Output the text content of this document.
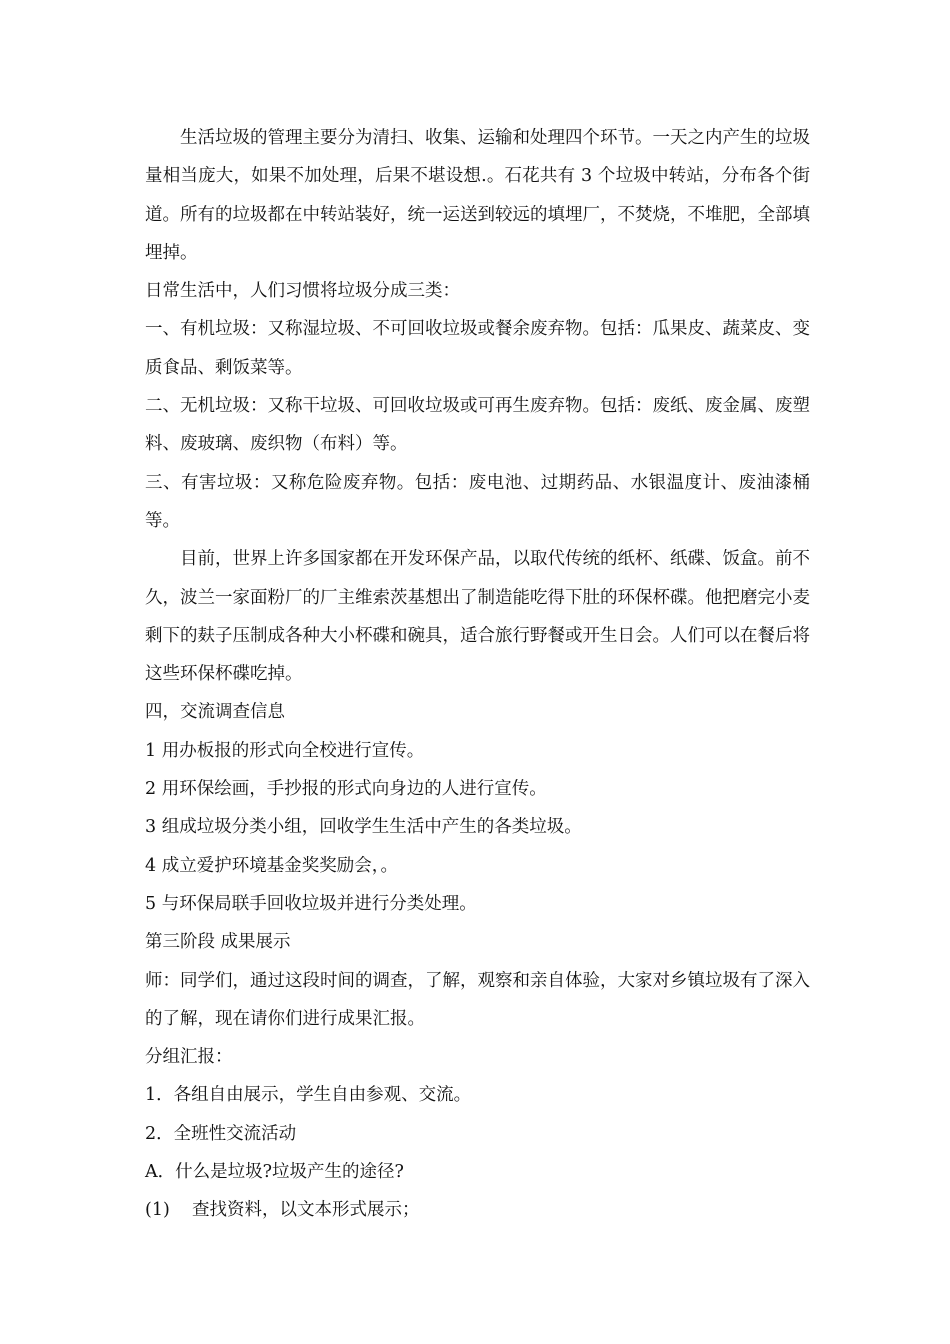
生活垃圾的管理主要分为清扫、收集、运输和处理四个环节。一天之内产生的垃圾量相当庞大，如果不加处理，后果不堪设想.。石花共有 3 个垃圾中转站，分布各个街道。所有的垃圾都在中转站装好，统一运送到较远的填埋厂，不焚烧，不堆肥，全部填埋掉。

日常生活中，人们习惯将垃圾分成三类：

一、有机垃圾：又称湿垃圾、不可回收垃圾或餐余废弃物。包括：瓜果皮、蔬菜皮、变质食品、剩饭菜等。

二、无机垃圾：又称干垃圾、可回收垃圾或可再生废弃物。包括：废纸、废金属、废塑料、废玻璃、废织物（布料）等。

三、有害垃圾：又称危险废弃物。包括：废电池、过期药品、水银温度计、废油漆桶等。

目前，世界上许多国家都在开发环保产品，以取代传统的纸杯、纸碟、饭盒。前不久，波兰一家面粉厂的厂主维索茨基想出了制造能吃得下肚的环保杯碟。他把磨完小麦剩下的麸子压制成各种大小杯碟和碗具，适合旅行野餐或开生日会。人们可以在餐后将这些环保杯碟吃掉。

四，交流调查信息

1 用办板报的形式向全校进行宣传。

2 用环保绘画，手抄报的形式向身边的人进行宣传。

3 组成垃圾分类小组，回收学生生活中产生的各类垃圾。

4 成立爱护环境基金奖奖励会，。

5 与环保局联手回收垃圾并进行分类处理。

第三阶段 成果展示

师：同学们，通过这段时间的调查，了解，观察和亲自体验，大家对乡镇垃圾有了深入的了解，现在请你们进行成果汇报。

分组汇报：

1．各组自由展示，学生自由参观、交流。

2．全班性交流活动

A．什么是垃圾?垃圾产生的途径?

(1)    查找资料，以文本形式展示；
